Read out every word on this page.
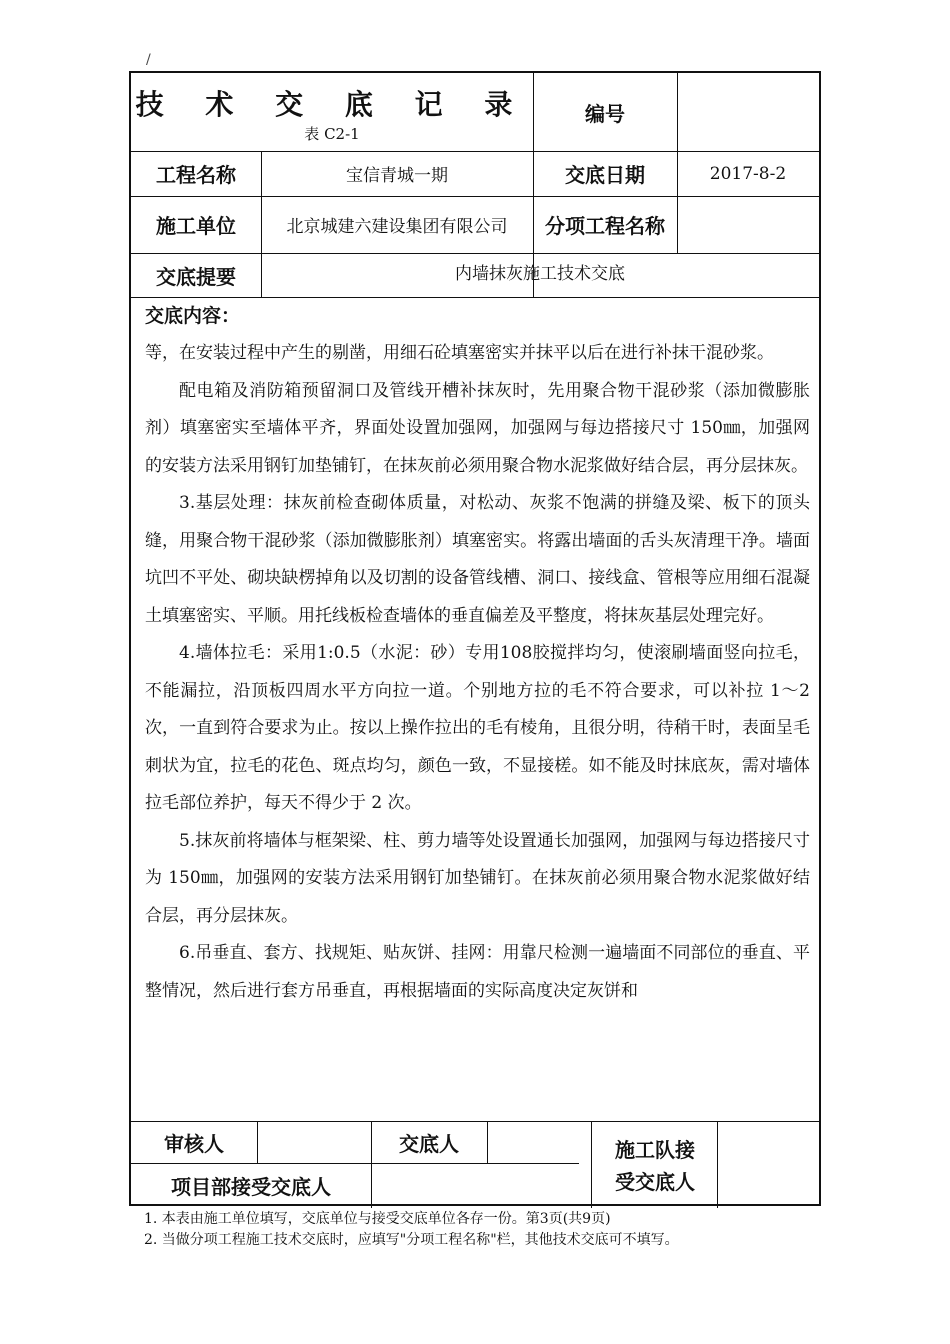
/
技 术 交 底 记 录
表 C2-1
编号
工程名称	宝信青城一期	交底日期	2017-8-2
施工单位	北京城建六建设集团有限公司	分项工程名称
交底提要	内墙抹灰施工技术交底
交底内容：

等，在安装过程中产生的剔凿，用细石砼填塞密实并抹平以后在进行补抹干混砂浆。

配电箱及消防箱预留洞口及管线开槽补抹灰时，先用聚合物干混砂浆（添加微膨胀剂）填塞密实至墙体平齐，界面处设置加强网，加强网与每边搭接尺寸 150㎜，加强网的安装方法采用钢钉加垫铺钉，在抹灰前必须用聚合物水泥浆做好结合层，再分层抹灰。

3.基层处理：抹灰前检查砌体质量，对松动、灰浆不饱满的拼缝及梁、板下的顶头缝，用聚合物干混砂浆（添加微膨胀剂）填塞密实。将露出墙面的舌头灰清理干净。墙面坑凹不平处、砌块缺楞掉角以及切割的设备管线槽、洞口、接线盒、管根等应用细石混凝土填塞密实、平顺。用托线板检查墙体的垂直偏差及平整度，将抹灰基层处理完好。

4.墙体拉毛：采用1:0.5（水泥：砂）专用108胶搅拌均匀，使滚刷墙面竖向拉毛，不能漏拉，沿顶板四周水平方向拉一道。个别地方拉的毛不符合要求，可以补拉 1～2 次，一直到符合要求为止。按以上操作拉出的毛有棱角，且很分明，待稍干时，表面呈毛刺状为宜，拉毛的花色、斑点均匀，颜色一致，不显接槎。如不能及时抹底灰，需对墙体拉毛部位养护，每天不得少于 2 次。

5.抹灰前将墙体与框架梁、柱、剪力墙等处设置通长加强网，加强网与每边搭接尺寸为 150㎜，加强网的安装方法采用钢钉加垫铺钉。在抹灰前必须用聚合物水泥浆做好结合层，再分层抹灰。

6.吊垂直、套方、找规矩、贴灰饼、挂网：用靠尺检测一遍墙面不同部位的垂直、平整情况，然后进行套方吊垂直，再根据墙面的实际高度决定灰饼和

审核人	交底人	施工队接受交底人
项目部接受交底人
1. 本表由施工单位填写，交底单位与接受交底单位各存一份。第3页(共9页)
2. 当做分项工程施工技术交底时，应填写"分项工程名称"栏，其他技术交底可不填写。
